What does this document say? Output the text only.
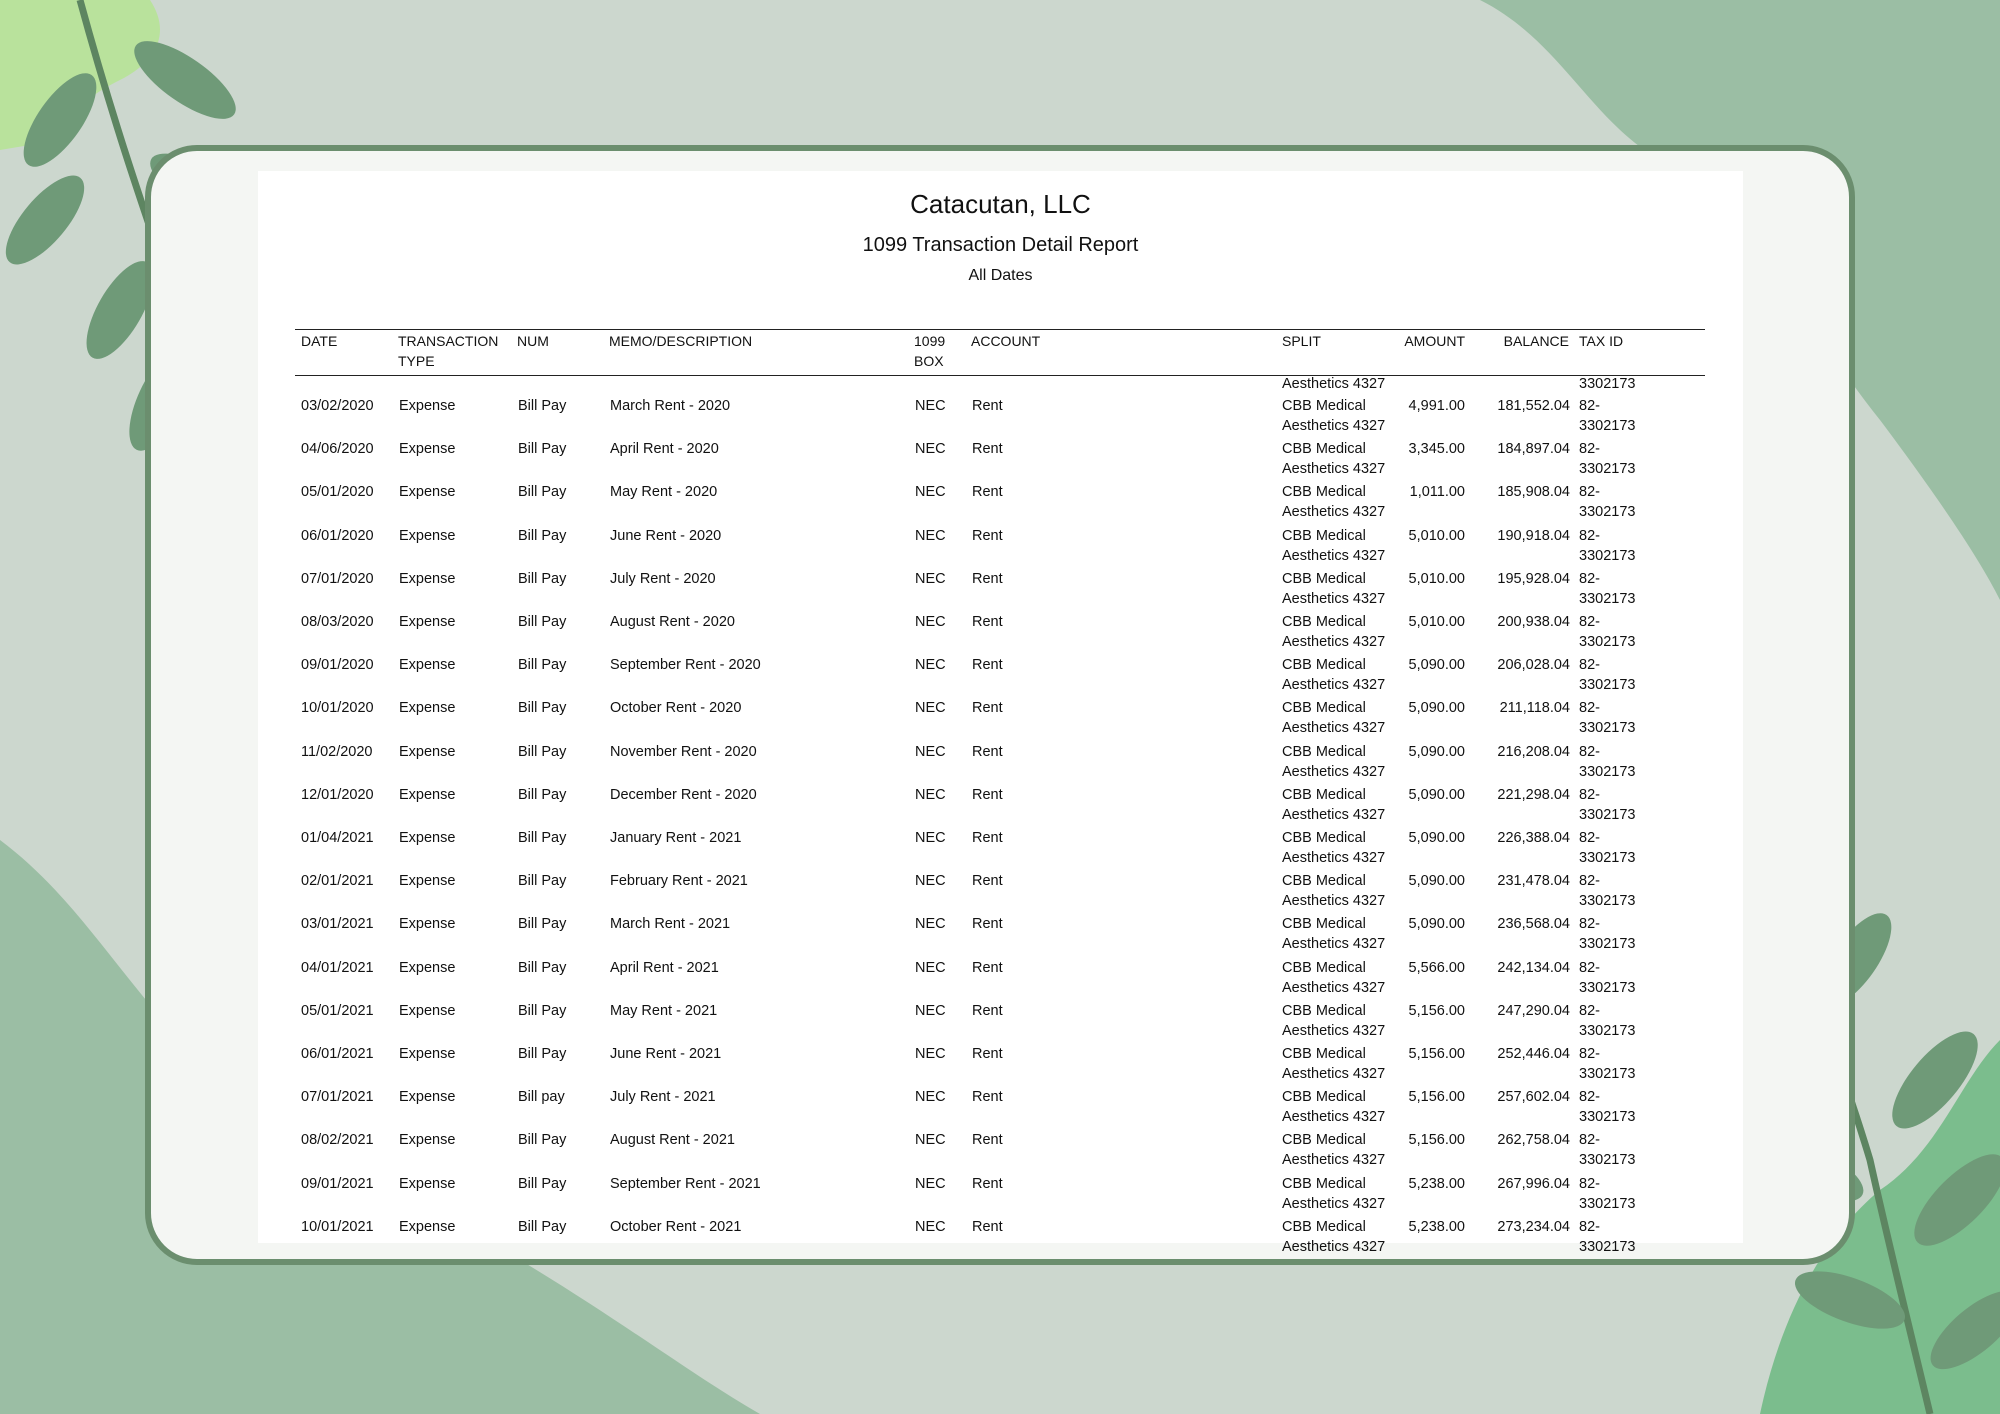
Catacutan, LLC
1099 Transaction Detail Report
All Dates
DATE	TRANSACTION
TYPE
NUM	MEMO/DESCRIPTION	1099
BOX
ACCOUNT	SPLIT	AMOUNT	BALANCE TAX ID
Aesthetics 4327	3302173
03/02/2020 Expense	Bill Pay	March Rent - 2020	NEC Rent	CBB Medical	4,991.00	181,552.04 82-
Aesthetics 4327	3302173
04/06/2020 Expense	Bill Pay	April Rent - 2020	NEC Rent	CBB Medical	3,345.00	184,897.04 82-
Aesthetics 4327	3302173
05/01/2020 Expense	Bill Pay	May Rent - 2020	NEC Rent	CBB Medical	1,011.00	185,908.04 82-
Aesthetics 4327	3302173
06/01/2020 Expense	Bill Pay	June Rent - 2020	NEC Rent	CBB Medical	5,010.00	190,918.04 82-
Aesthetics 4327	3302173
07/01/2020 Expense	Bill Pay	July Rent - 2020	NEC Rent	CBB Medical	5,010.00	195,928.04 82-
Aesthetics 4327	3302173
08/03/2020 Expense	Bill Pay	August Rent - 2020	NEC Rent	CBB Medical	5,010.00	200,938.04 82-
Aesthetics 4327	3302173
09/01/2020 Expense	Bill Pay	September Rent - 2020	NEC Rent	CBB Medical	5,090.00	206,028.04 82-
Aesthetics 4327	3302173
10/01/2020 Expense	Bill Pay	October Rent - 2020	NEC Rent	CBB Medical	5,090.00	211,118.04 82-
Aesthetics 4327	3302173
11/02/2020 Expense	Bill Pay	November Rent - 2020	NEC Rent	CBB Medical	5,090.00	216,208.04 82-
Aesthetics 4327	3302173
12/01/2020 Expense	Bill Pay	December Rent - 2020	NEC Rent	CBB Medical	5,090.00	221,298.04 82-
Aesthetics 4327	3302173
01/04/2021 Expense	Bill Pay	January Rent - 2021	NEC Rent	CBB Medical	5,090.00	226,388.04 82-
Aesthetics 4327	3302173
02/01/2021 Expense	Bill Pay	February Rent - 2021	NEC Rent	CBB Medical	5,090.00	231,478.04 82-
Aesthetics 4327	3302173
03/01/2021 Expense	Bill Pay	March Rent - 2021	NEC Rent	CBB Medical	5,090.00	236,568.04 82-
Aesthetics 4327	3302173
04/01/2021 Expense	Bill Pay	April Rent - 2021	NEC Rent	CBB Medical	5,566.00	242,134.04 82-
Aesthetics 4327	3302173
05/01/2021 Expense	Bill Pay	May Rent - 2021	NEC Rent	CBB Medical	5,156.00	247,290.04 82-
Aesthetics 4327	3302173
06/01/2021 Expense	Bill Pay	June Rent - 2021	NEC Rent	CBB Medical	5,156.00	252,446.04 82-
Aesthetics 4327	3302173
07/01/2021 Expense	Bill pay	July Rent - 2021	NEC Rent	CBB Medical	5,156.00	257,602.04 82-
Aesthetics 4327	3302173
08/02/2021 Expense	Bill Pay	August Rent - 2021	NEC Rent	CBB Medical	5,156.00	262,758.04 82-
Aesthetics 4327	3302173
09/01/2021 Expense	Bill Pay	September Rent - 2021	NEC Rent	CBB Medical	5,238.00	267,996.04 82-
Aesthetics 4327	3302173
10/01/2021 Expense	Bill Pay	October Rent - 2021	NEC Rent	CBB Medical	5,238.00	273,234.04 82-
Aesthetics 4327	3302173
